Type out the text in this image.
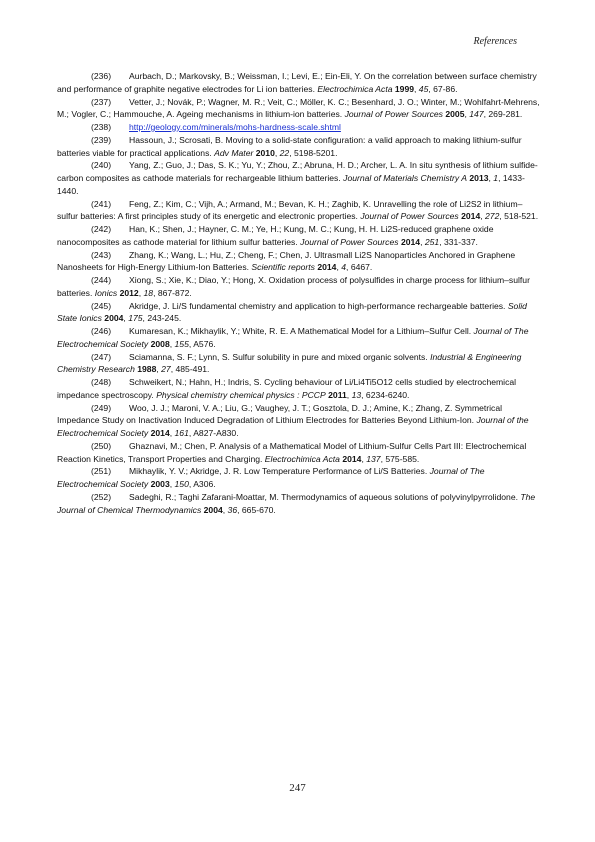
References

(236) Aurbach, D.; Markovsky, B.; Weissman, I.; Levi, E.; Ein-Eli, Y. On the correlation between surface chemistry and performance of graphite negative electrodes for Li ion batteries. Electrochimica Acta 1999, 45, 67-86.

(237) Vetter, J.; Novák, P.; Wagner, M. R.; Veit, C.; Möller, K. C.; Besenhard, J. O.; Winter, M.; Wohlfahrt-Mehrens, M.; Vogler, C.; Hammouche, A. Ageing mechanisms in lithium-ion batteries. Journal of Power Sources 2005, 147, 269-281.

(238) http://geology.com/minerals/mohs-hardness-scale.shtml

(239) Hassoun, J.; Scrosati, B. Moving to a solid-state configuration: a valid approach to making lithium-sulfur batteries viable for practical applications. Adv Mater 2010, 22, 5198-5201.

(240) Yang, Z.; Guo, J.; Das, S. K.; Yu, Y.; Zhou, Z.; Abruna, H. D.; Archer, L. A. In situ synthesis of lithium sulfide-carbon composites as cathode materials for rechargeable lithium batteries. Journal of Materials Chemistry A 2013, 1, 1433-1440.

(241) Feng, Z.; Kim, C.; Vijh, A.; Armand, M.; Bevan, K. H.; Zaghib, K. Unravelling the role of Li2S2 in lithium–sulfur batteries: A first principles study of its energetic and electronic properties. Journal of Power Sources 2014, 272, 518-521.

(242) Han, K.; Shen, J.; Hayner, C. M.; Ye, H.; Kung, M. C.; Kung, H. H. Li2S-reduced graphene oxide nanocomposites as cathode material for lithium sulfur batteries. Journal of Power Sources 2014, 251, 331-337.

(243) Zhang, K.; Wang, L.; Hu, Z.; Cheng, F.; Chen, J. Ultrasmall Li2S Nanoparticles Anchored in Graphene Nanosheets for High-Energy Lithium-Ion Batteries. Scientific reports 2014, 4, 6467.

(244) Xiong, S.; Xie, K.; Diao, Y.; Hong, X. Oxidation process of polysulfides in charge process for lithium–sulfur batteries. Ionics 2012, 18, 867-872.

(245) Akridge, J. Li/S fundamental chemistry and application to high-performance rechargeable batteries. Solid State Ionics 2004, 175, 243-245.

(246) Kumaresan, K.; Mikhaylik, Y.; White, R. E. A Mathematical Model for a Lithium–Sulfur Cell. Journal of The Electrochemical Society 2008, 155, A576.

(247) Sciamanna, S. F.; Lynn, S. Sulfur solubility in pure and mixed organic solvents. Industrial & Engineering Chemistry Research 1988, 27, 485-491.

(248) Schweikert, N.; Hahn, H.; Indris, S. Cycling behaviour of Li/Li4Ti5O12 cells studied by electrochemical impedance spectroscopy. Physical chemistry chemical physics : PCCP 2011, 13, 6234-6240.

(249) Woo, J. J.; Maroni, V. A.; Liu, G.; Vaughey, J. T.; Gosztola, D. J.; Amine, K.; Zhang, Z. Symmetrical Impedance Study on Inactivation Induced Degradation of Lithium Electrodes for Batteries Beyond Lithium-Ion. Journal of the Electrochemical Society 2014, 161, A827-A830.

(250) Ghaznavi, M.; Chen, P. Analysis of a Mathematical Model of Lithium-Sulfur Cells Part III: Electrochemical Reaction Kinetics, Transport Properties and Charging. Electrochimica Acta 2014, 137, 575-585.

(251) Mikhaylik, Y. V.; Akridge, J. R. Low Temperature Performance of Li/S Batteries. Journal of The Electrochemical Society 2003, 150, A306.

(252) Sadeghi, R.; Taghi Zafarani-Moattar, M. Thermodynamics of aqueous solutions of polyvinylpyrrolidone. The Journal of Chemical Thermodynamics 2004, 36, 665-670.

247
